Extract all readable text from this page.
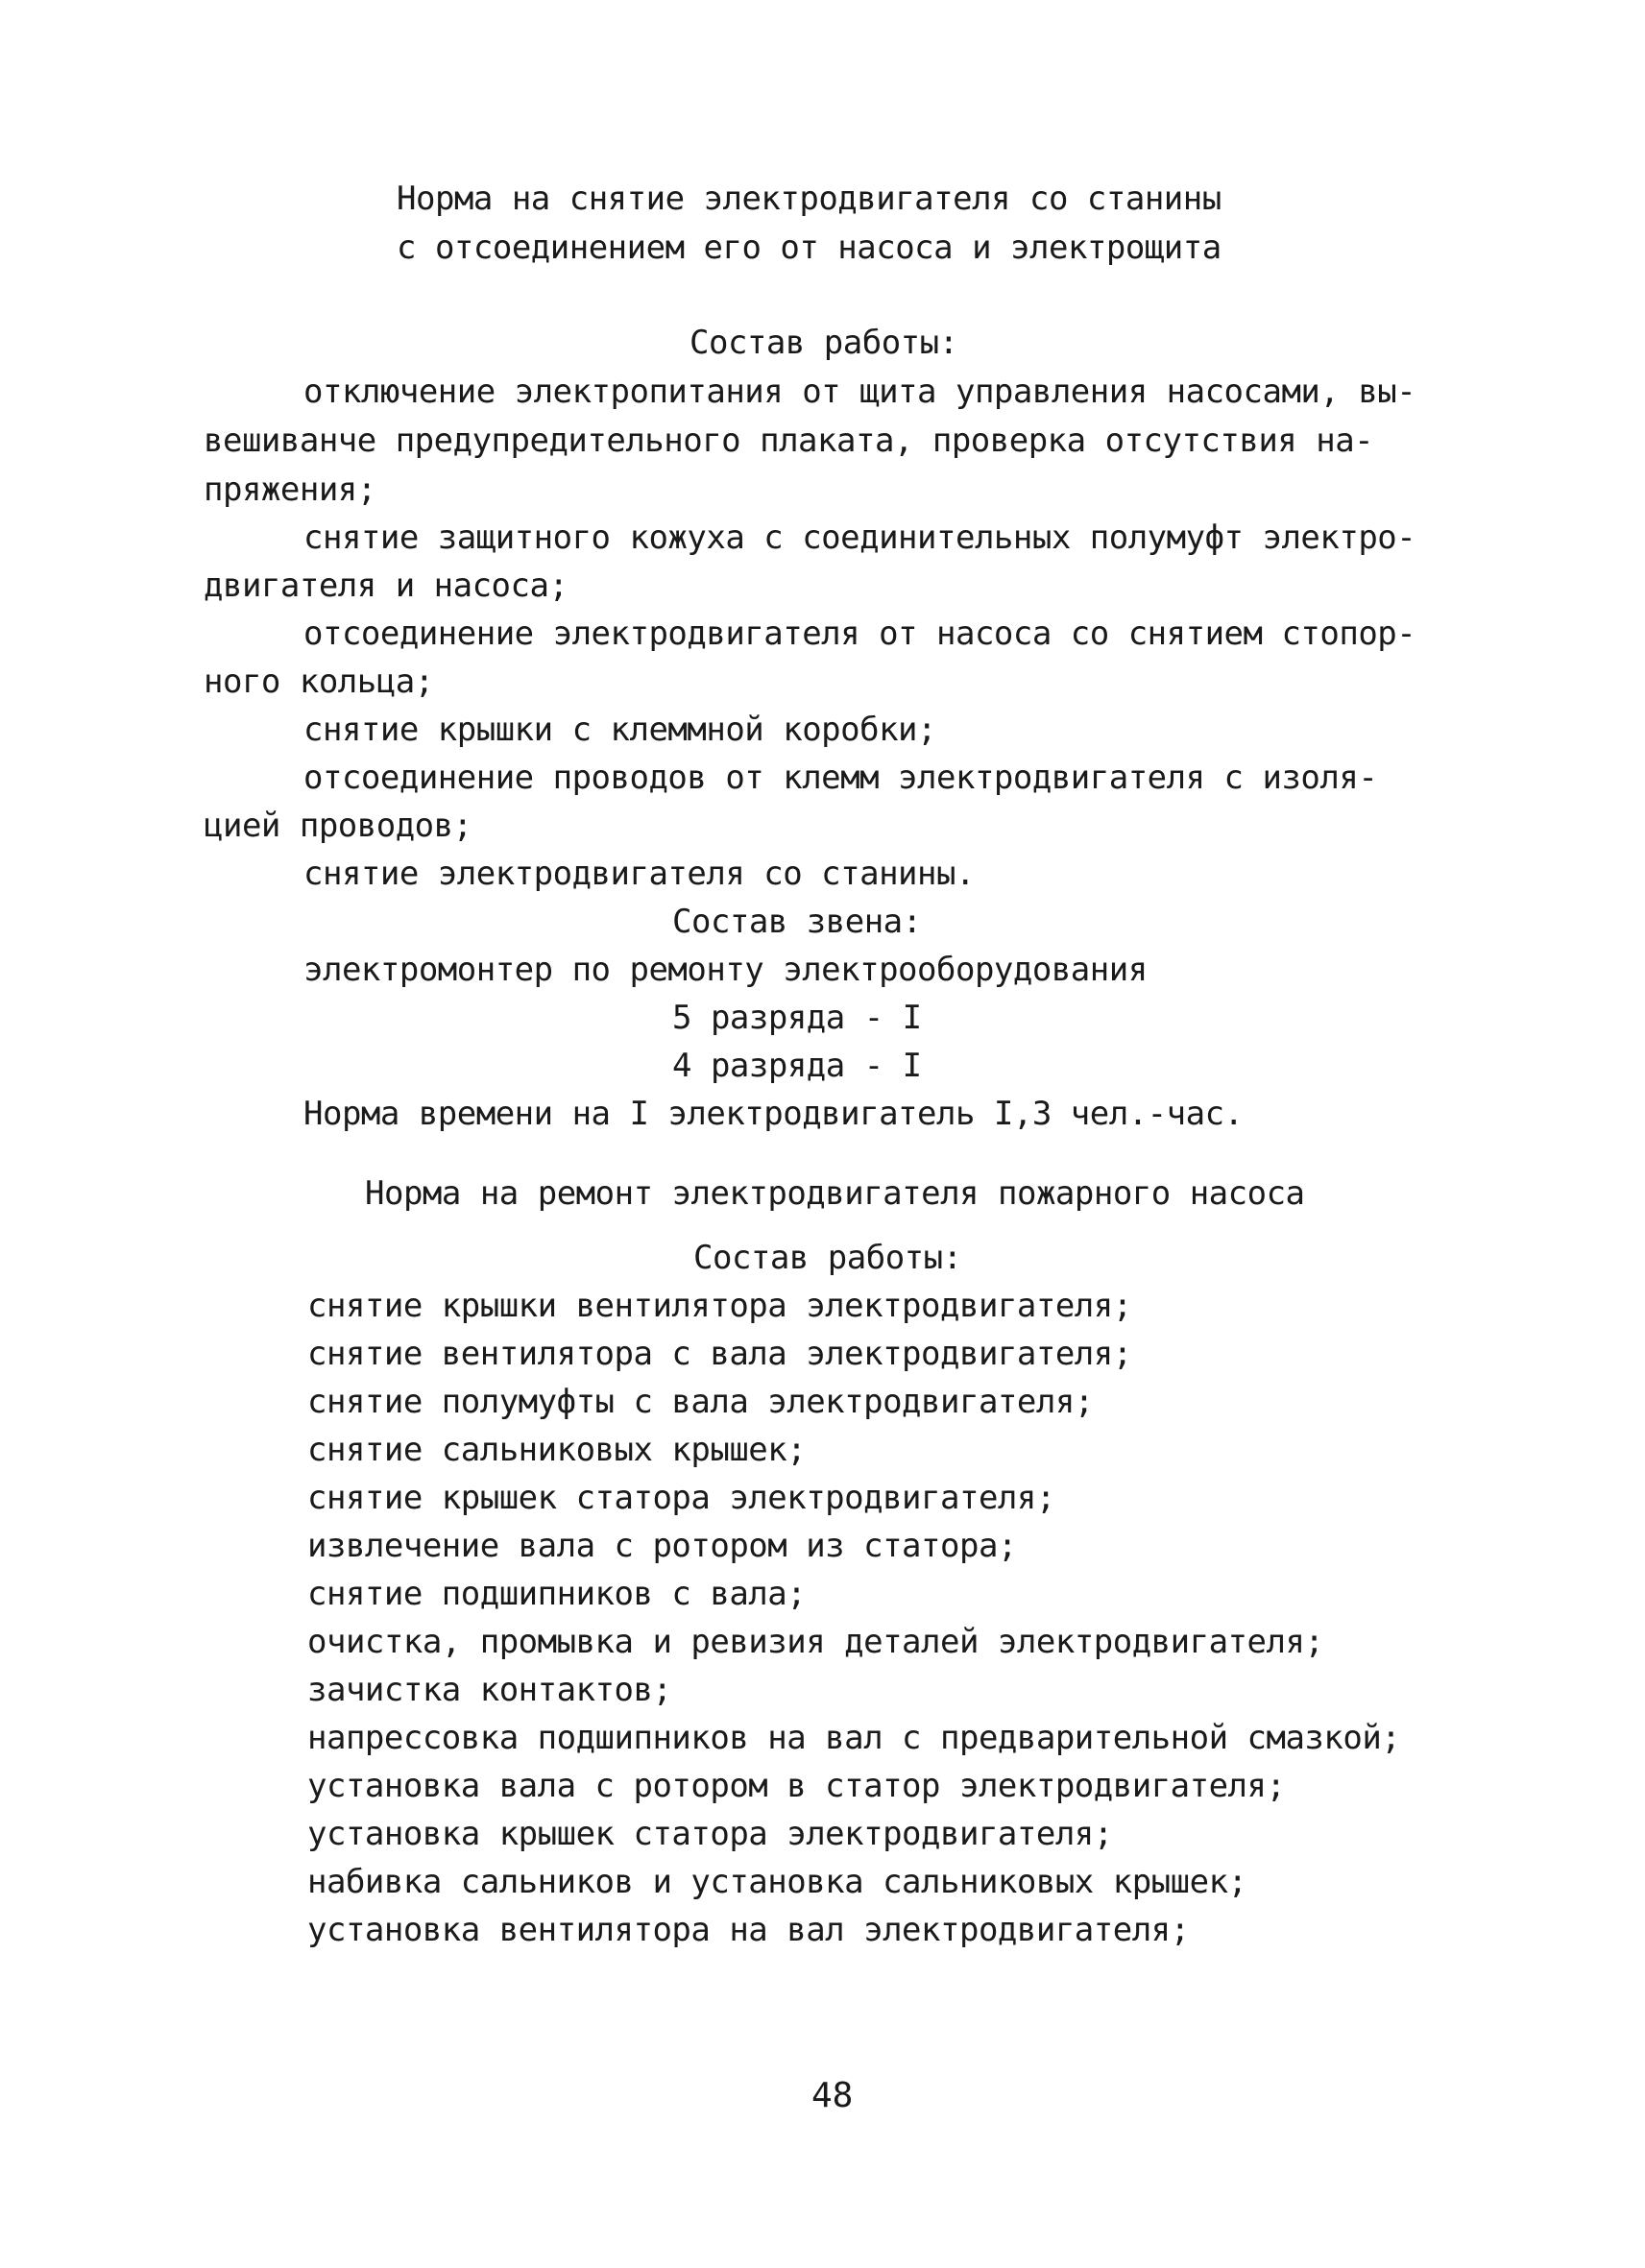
Норма на снятие электродвигателя со станины
с отсоединением его от насоса и электрощита
Состав работы:
отключение электропитания от щита управления насосами, вы-
вешиванче предупредительного плаката, проверка отсутствия на-
пряжения;
снятие защитного кожуха с соединительных полумуфт электро-
двигателя и насоса;
отсоединение электродвигателя от насоса со снятием стопор-
ного кольца;
снятие крышки с клеммной коробки;
отсоединение проводов от клемм электродвигателя с изоля-
цией проводов;
снятие электродвигателя со станины.
Состав звена:
электромонтер по ремонту электрооборудования
5 разряда - I
4 разряда - I
Норма времени на I электродвигатель I,3 чел.-час.
Норма на ремонт электродвигателя пожарного насоса
Состав работы:
снятие крышки вентилятора электродвигателя;
снятие вентилятора с вала электродвигателя;
снятие полумуфты с вала электродвигателя;
снятие сальниковых крышек;
снятие крышек статора электродвигателя;
извлечение вала с ротором из статора;
снятие подшипников с вала;
очистка, промывка и ревизия деталей электродвигателя;
зачистка контактов;
напрессовка подшипников на вал с предварительной смазкой;
установка вала с ротором в статор электродвигателя;
установка крышек статора электродвигателя;
набивка сальников и установка сальниковых крышек;
установка вентилятора на вал электродвигателя;
48
